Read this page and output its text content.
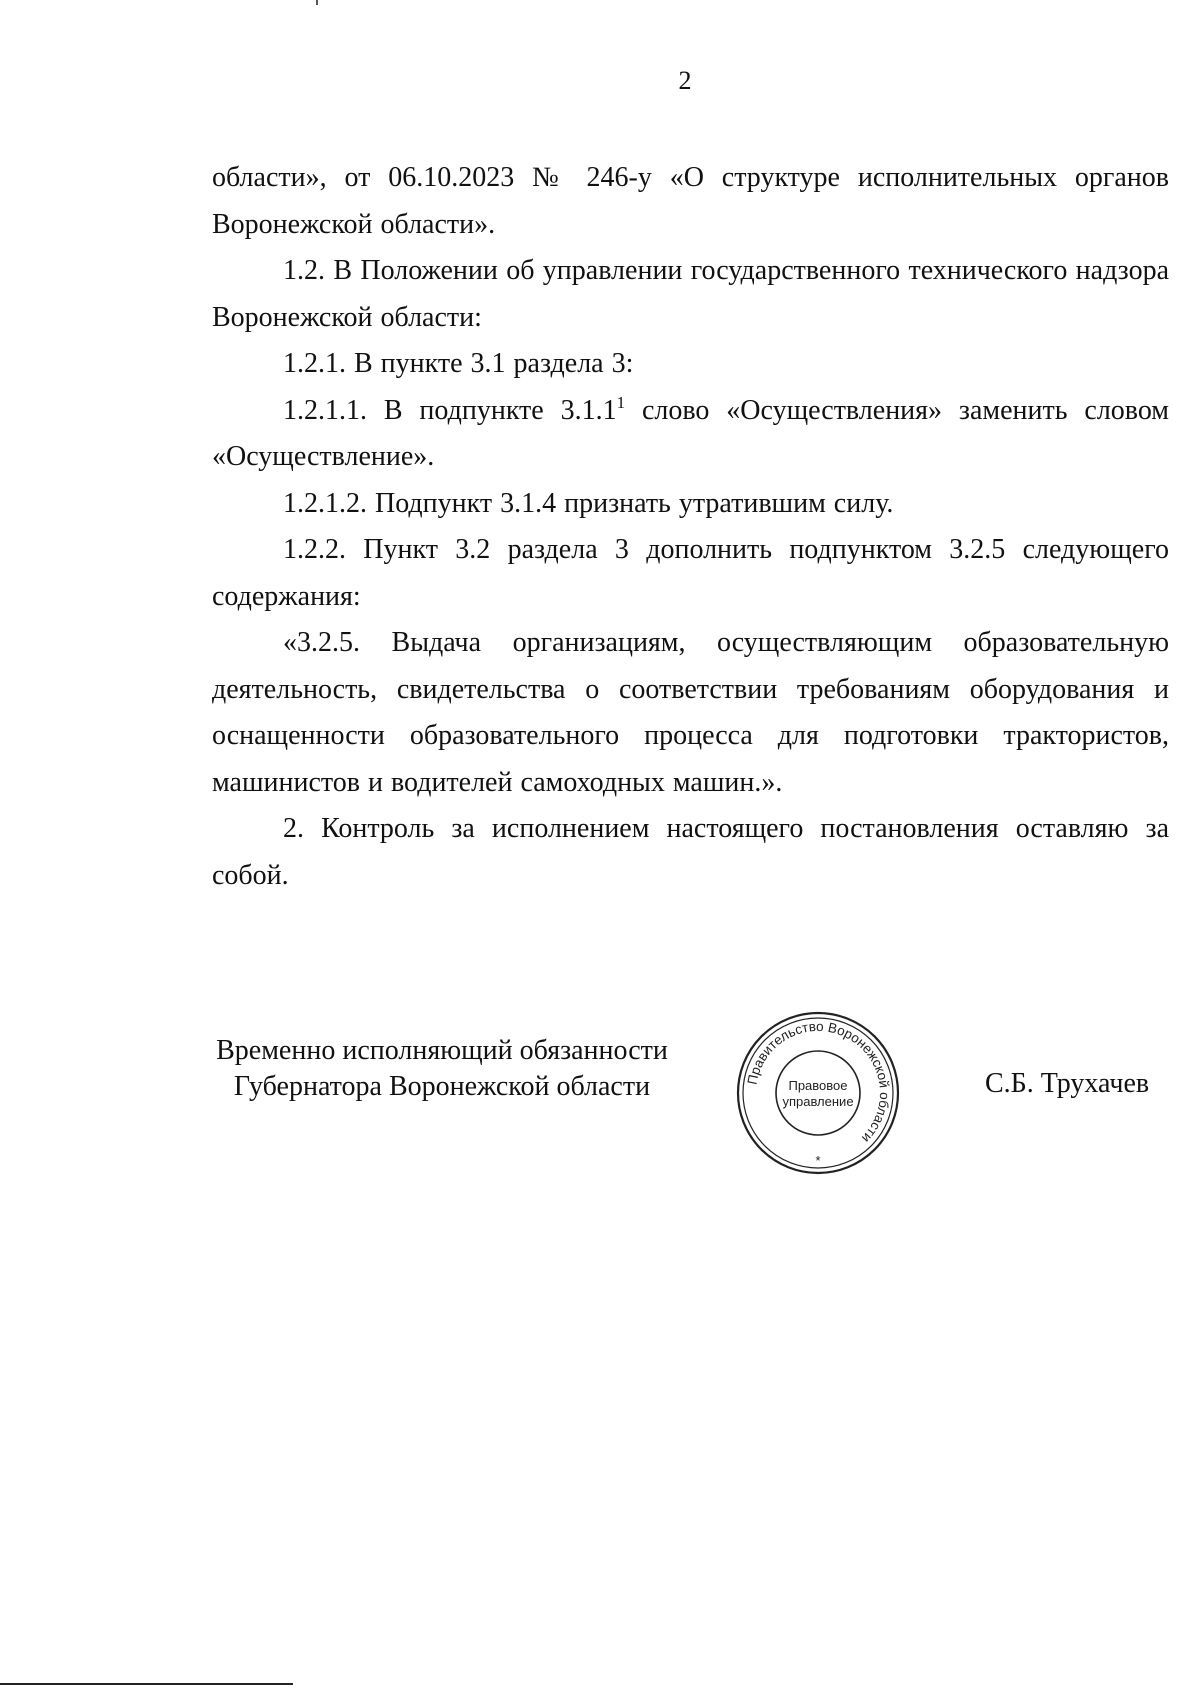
2

области», от 06.10.2023 № 246-у «О структуре исполнительных органов Воронежской области».

1.2. В Положении об управлении государственного технического надзора Воронежской области:

1.2.1. В пункте 3.1 раздела 3:

1.2.1.1. В подпункте 3.1.1$^1$ слово «Осуществления» заменить словом «Осуществление».

1.2.1.2. Подпункт 3.1.4 признать утратившим силу.

1.2.2. Пункт 3.2 раздела 3 дополнить подпунктом 3.2.5 следующего содержания:

«3.2.5. Выдача организациям, осуществляющим образовательную деятельность, свидетельства о соответствии требованиям оборудования и оснащенности образовательного процесса для подготовки трактористов, машинистов и водителей самоходных машин.».

2. Контроль за исполнением настоящего постановления оставляю за собой.

Временно исполняющий обязанности
Губернатора Воронежской области	С.Б. Трухачев
Правительство Воронежской области
Правовое
управление
*
